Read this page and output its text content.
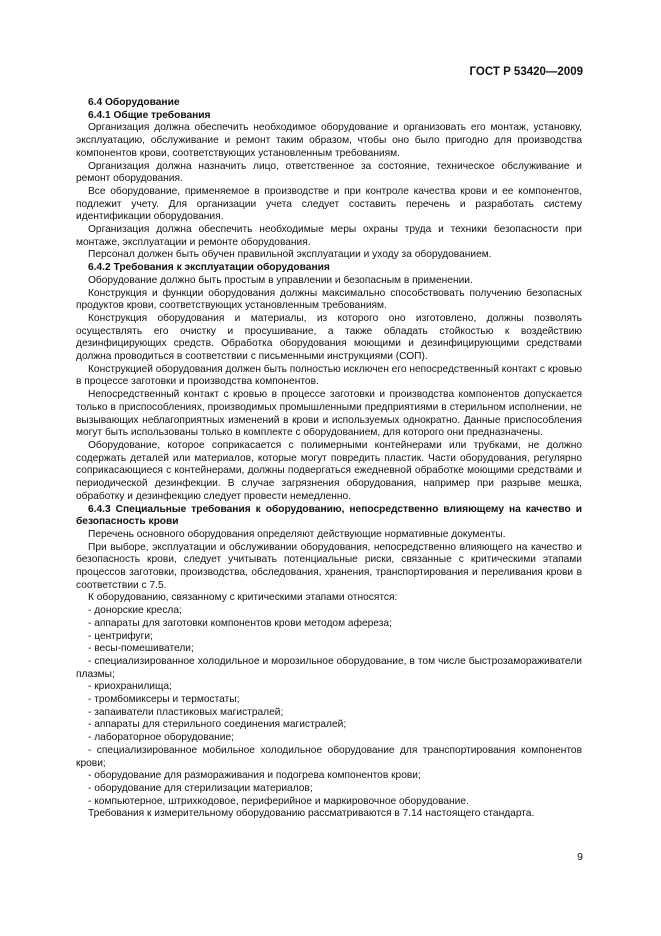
ГОСТ Р 53420—2009

6.4 Оборудование

6.4.1 Общие требования

Организация должна обеспечить необходимое оборудование и организовать его монтаж, установку, эксплуатацию, обслуживание и ремонт таким образом, чтобы оно было пригодно для производства компонентов крови, соответствующих установленным требованиям.

Организация должна назначить лицо, ответственное за состояние, техническое обслуживание и ремонт оборудования.

Все оборудование, применяемое в производстве и при контроле качества крови и ее компонентов, подлежит учету. Для организации учета следует составить перечень и разработать систему идентификации оборудования.

Организация должна обеспечить необходимые меры охраны труда и техники безопасности при монтаже, эксплуатации и ремонте оборудования.

Персонал должен быть обучен правильной эксплуатации и уходу за оборудованием.

6.4.2 Требования к эксплуатации оборудования

Оборудование должно быть простым в управлении и безопасным в применении.

Конструкция и функции оборудования должны максимально способствовать получению безопасных продуктов крови, соответствующих установленным требованиям.

Конструкция оборудования и материалы, из которого оно изготовлено, должны позволять осуществлять его очистку и просушивание, а также обладать стойкостью к воздействию дезинфицирующих средств. Обработка оборудования моющими и дезинфицирующими средствами должна проводиться в соответствии с письменными инструкциями (СОП).

Конструкцией оборудования должен быть полностью исключен его непосредственный контакт с кровью в процессе заготовки и производства компонентов.

Непосредственный контакт с кровью в процессе заготовки и производства компонентов допускается только в приспособлениях, производимых промышленными предприятиями в стерильном исполнении, не вызывающих неблагоприятных изменений в крови и используемых однократно. Данные приспособления могут быть использованы только в комплекте с оборудованием, для которого они предназначены.

Оборудование, которое соприкасается с полимерными контейнерами или трубками, не должно содержать деталей или материалов, которые могут повредить пластик. Части оборудования, регулярно соприкасающиеся с контейнерами, должны подвергаться ежедневной обработке моющими средствами и периодической дезинфекции. В случае загрязнения оборудования, например при разрыве мешка, обработку и дезинфекцию следует провести немедленно.

6.4.3 Специальные требования к оборудованию, непосредственно влияющему на качество и безопасность крови

Перечень основного оборудования определяют действующие нормативные документы.

При выборе, эксплуатации и обслуживании оборудования, непосредственно влияющего на качество и безопасность крови, следует учитывать потенциальные риски, связанные с критическими этапами процессов заготовки, производства, обследования, хранения, транспортирования и переливания крови в соответствии с 7.5.

К оборудованию, связанному с критическими этапами относятся:

- донорские кресла;
- аппараты для заготовки компонентов крови методом афереза;
- центрифуги;
- весы-помешиватели;
- специализированное холодильное и морозильное оборудование, в том числе быстрозамораживатели плазмы;
- криохранилища;
- тромбомиксеры и термостаты;
- запаиватели пластиковых магистралей;
- аппараты для стерильного соединения магистралей;
- лабораторное оборудование;
- специализированное мобильное холодильное оборудование для транспортирования компонентов крови;
- оборудование для размораживания и подогрева компонентов крови;
- оборудование для стерилизации материалов;
- компьютерное, штрихкодовое, периферийное и маркировочное оборудование.

Требования к измерительному оборудованию рассматриваются в 7.14 настоящего стандарта.

9
